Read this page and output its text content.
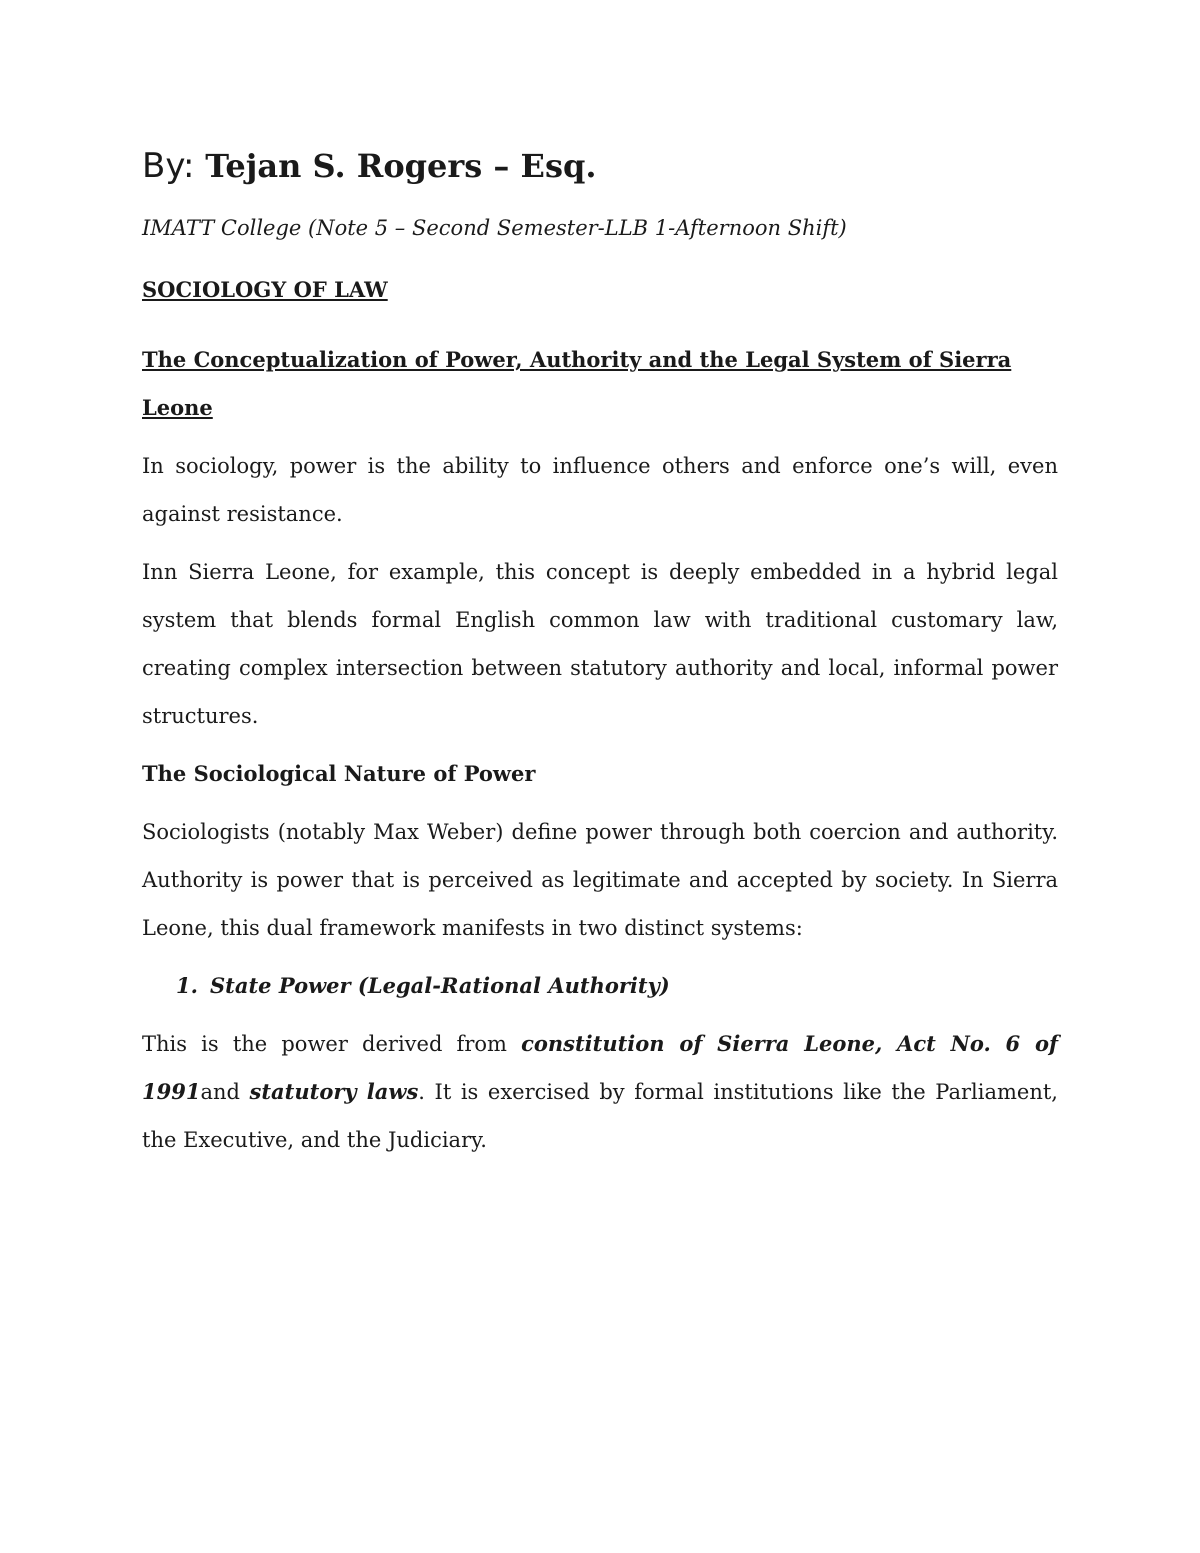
By: Tejan S. Rogers – Esq.
IMATT College (Note 5 – Second Semester-LLB 1-Afternoon Shift)
SOCIOLOGY OF LAW
The Conceptualization of Power, Authority and the Legal System of Sierra Leone

In sociology, power is the ability to influence others and enforce one’s will, even against resistance.

Inn Sierra Leone, for example, this concept is deeply embedded in a hybrid legal system that blends formal English common law with traditional customary law, creating complex intersection between statutory authority and local, informal power structures.

The Sociological Nature of Power

Sociologists (notably Max Weber) define power through both coercion and authority. Authority is power that is perceived as legitimate and accepted by society. In Sierra Leone, this dual framework manifests in two distinct systems:

1. State Power (Legal-Rational Authority)

This is the power derived from constitution of Sierra Leone, Act No. 6 of 1991and statutory laws. It is exercised by formal institutions like the Parliament, the Executive, and the Judiciary.
